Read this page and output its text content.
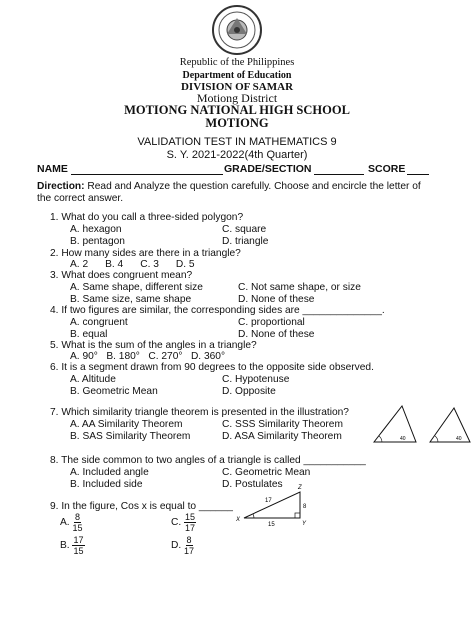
Republic of the Philippines
Department of Education
DIVISION OF SAMAR
Motiong District
MOTIONG NATIONAL HIGH SCHOOL
MOTIONG
VALIDATION TEST IN MATHEMATICS 9
S. Y. 2021-2022(4th Quarter)
NAME	GRADE/SECTION	SCORE
Direction: Read and Analyze the question carefully. Choose and encircle the letter of
the correct answer.
1. What do you call a three-sided polygon?
A. hexagon	C. square
B. pentagon	D. triangle
2. How many sides are there in a triangle?
A. 2      B. 4      C. 3      D. 5
3. What does congruent mean?
A. Same shape, different size	C. Not same shape, or size
B. Same size, same shape	D. None of these
4. If two figures are similar, the corresponding sides are ______________.
A. congruent	C. proportional
B. equal	D. None of these
5. What is the sum of the angles in a triangle?
A. 90°   B. 180°   C. 270°   D. 360°
6. It is a segment drawn from 90 degrees to the opposite side observed.
A. Altitude	C. Hypotenuse
B. Geometric Mean	D. Opposite
7. Which similarity triangle theorem is presented in the illustration?
A. AA Similarity Theorem	C. SSS Similarity Theorem
B. SAS Similarity Theorem	D. ASA Similarity Theorem	40	40
8. The side common to two angles of a triangle is called ___________
A. Included angle	C. Geometric Mean
B. Included side	D. Postulates
9. In the figure, Cos x is equal to ______
A. $\frac{8}{15}$	C. $\frac{15}{17}$
B. $\frac{17}{15}$	D. $\frac{8}{17}$
X
Y
Z
17
8
15
